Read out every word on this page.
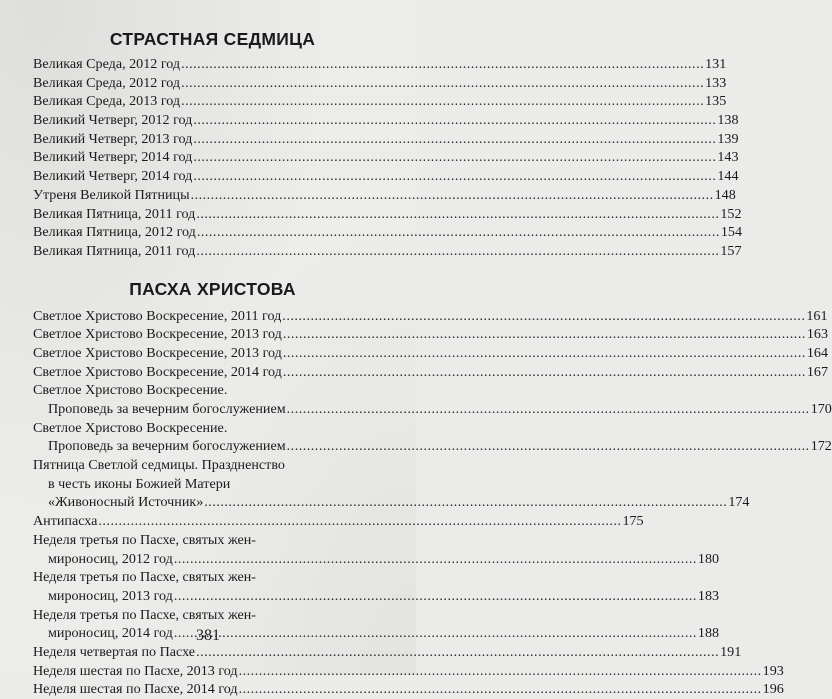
СТРАСТНАЯ СЕДМИЦА
Великая Среда, 2012 год .....	131
Великая Среда, 2012 год .....	133
Великая Среда, 2013 год .....	135
Великий Четверг, 2012 год .....	138
Великий Четверг, 2013 год .....	139
Великий Четверг, 2014 год .....	143
Великий Четверг, 2014 год .....	144
Утреня Великой Пятницы .....	148
Великая Пятница, 2011 год .....	152
Великая Пятница, 2012 год .....	154
Великая Пятница, 2011 год .....	157
ПАСХА ХРИСТОВА
Светлое Христово Воскресение, 2011 год .....	161
Светлое Христово Воскресение, 2013 год .....	163
Светлое Христово Воскресение, 2013 год .....	164
Светлое Христово Воскресение, 2014 год .....	167
Светлое Христово Воскресение.
Проповедь за вечерним богослужением .....	170
Светлое Христово Воскресение.
Проповедь за вечерним богослужением .....	172
Пятница Светлой седмицы. Праздненство
в честь иконы Божией Матери
«Живоносный Источник» .....	174
Антипасха .....	175
Неделя третья по Пасхе, святых жен-
мироносиц, 2012 год .....	180
Неделя третья по Пасхе, святых жен-
мироносиц, 2013 год .....	183
Неделя третья по Пасхе, святых жен-
мироносиц, 2014 год .....	188
Неделя четвертая по Пасхе .....	191
Неделя шестая по Пасхе, 2013 год .....	193
Неделя шестая по Пасхе, 2014 год .....	196
381
